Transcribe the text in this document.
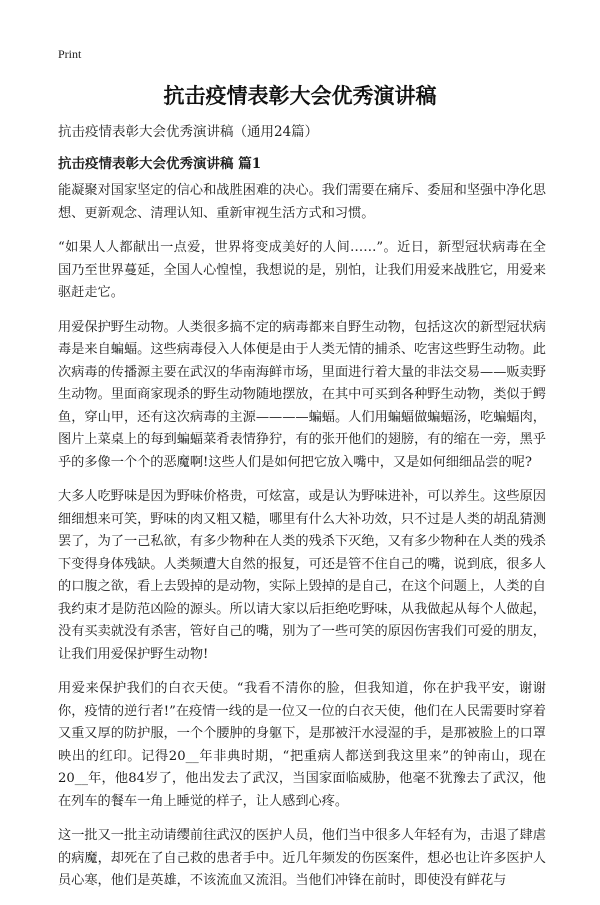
Print
抗击疫情表彰大会优秀演讲稿
抗击疫情表彰大会优秀演讲稿（通用24篇）
抗击疫情表彰大会优秀演讲稿 篇1

能凝聚对国家坚定的信心和战胜困难的决心。我们需要在痛斥、委屈和坚强中净化思想、更新观念、清理认知、重新审视生活方式和习惯。

“如果人人都献出一点爱，世界将变成美好的人间……”。近日，新型冠状病毒在全国乃至世界蔓延，全国人心惶惶，我想说的是，别怕，让我们用爱来战胜它，用爱来驱赶走它。

用爱保护野生动物。人类很多搞不定的病毒都来自野生动物，包括这次的新型冠状病毒是来自蝙蝠。这些病毒侵入人体便是由于人类无情的捕杀、吃害这些野生动物。此次病毒的传播源主要在武汉的华南海鲜市场，里面进行着大量的非法交易——贩卖野生动物。里面商家现杀的野生动物随地摆放，在其中可买到各种野生动物，类似于鳄鱼，穿山甲，还有这次病毒的主源————蝙蝠。人们用蝙蝠做蝙蝠汤，吃蝙蝠肉，图片上菜桌上的每到蝙蝠菜肴表情狰狞，有的张开他们的翅膀，有的缩在一旁，黑乎乎的多像一个个的恶魔啊!这些人们是如何把它放入嘴中，又是如何细细品尝的呢?

大多人吃野味是因为野味价格贵，可炫富，或是认为野味进补，可以养生。这些原因细细想来可笑，野味的肉又粗又糙，哪里有什么大补功效，只不过是人类的胡乱猜测罢了，为了一己私欲，有多少物种在人类的残杀下灭绝，又有多少物种在人类的残杀下变得身体残缺。人类频遭大自然的报复，可还是管不住自己的嘴，说到底，很多人的口腹之欲，看上去毁掉的是动物，实际上毁掉的是自己，在这个问题上，人类的自我约束才是防范凶险的源头。所以请大家以后拒绝吃野味，从我做起从每个人做起，没有买卖就没有杀害，管好自己的嘴，别为了一些可笑的原因伤害我们可爱的朋友，让我们用爱保护野生动物!

用爱来保护我们的白衣天使。“我看不清你的脸，但我知道，你在护我平安，谢谢你，疫情的逆行者!”在疫情一线的是一位又一位的白衣天使，他们在人民需要时穿着又重又厚的防护服，一个个腰肿的身躯下，是那被汗水浸湿的手，是那被脸上的口罩映出的红印。记得20__年非典时期，“把重病人都送到我这里来”的钟南山，现在20__年，他84岁了，他出发去了武汉，当国家面临威胁，他毫不犹豫去了武汉，他在列车的餐车一角上睡觉的样子，让人感到心疼。

这一批又一批主动请缨前往武汉的医护人员，他们当中很多人年轻有为，击退了肆虐的病魔，却死在了自己救的患者手中。近几年频发的伤医案件，想必也让许多医护人员心寒，他们是英雄，不该流血又流泪。当他们冲锋在前时，即使没有鲜花与
